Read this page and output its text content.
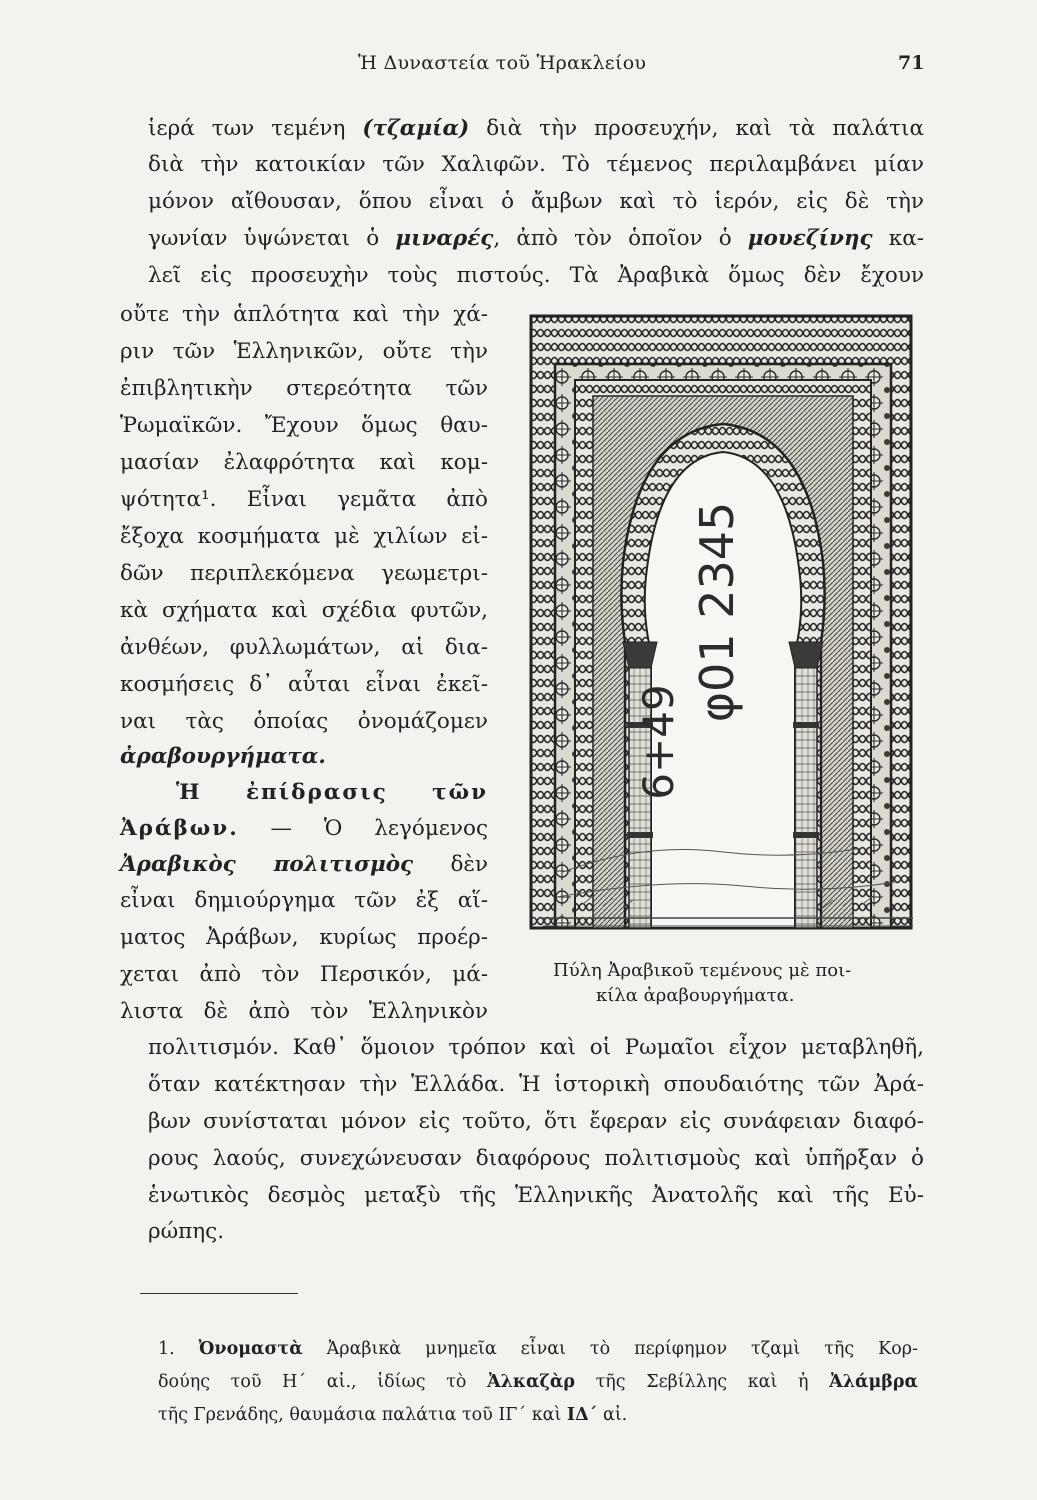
Ἡ Δυναστεία τοῦ Ἡρακλείου	71
ἱερά των τεμένη (τζαμία) διὰ τὴν προσευχήν, καὶ τὰ παλάτια
διὰ τὴν κατοικίαν τῶν Χαλιφῶν. Τὸ τέμενος περιλαμβάνει μίαν
μόνον αἴθουσαν, ὅπου εἶναι ὁ ἄμβων καὶ τὸ ἱερόν, εἰς δὲ τὴν
γωνίαν ὑψώνεται ὁ μιναρές, ἀπὸ τὸν ὁποῖον ὁ μουεζίνης κα-
λεῖ εἰς προσευχὴν τοὺς πιστούς. Τὰ Ἀραβικὰ ὅμως δὲν ἔχουν
οὔτε τὴν ἁπλότητα καὶ τὴν χά-
ριν τῶν Ἑλληνικῶν, οὔτε τὴν
ἐπιβλητικὴν στερεότητα τῶν
Ῥωμαϊκῶν. Ἔχουν ὅμως θαυ-
μασίαν ἐλαφρότητα καὶ κομ-
ψότητα¹. Εἶναι γεμᾶτα ἀπὸ
ἔξοχα κοσμήματα μὲ χιλίων εἰ-
δῶν περιπλεκόμενα γεωμετρι-
κὰ σχήματα καὶ σχέδια φυτῶν,
ἀνθέων, φυλλωμάτων, αἱ δια-
κοσμήσεις δ᾽ αὗται εἶναι ἐκεῖ-
ναι τὰς ὁποίας ὀνομάζομεν
ἀραβουργήματα.
Ἡ ἐπίδρασις τῶν
Ἀράβων. — Ὁ λεγόμενος
Ἀραβικὸς πολιτισμὸς δὲν
εἶναι δημιούργημα τῶν ἐξ αἵ-
ματος Ἀράβων, κυρίως προέρ-
χεται ἀπὸ τὸν Περσικόν, μά-
λιστα δὲ ἀπὸ τὸν Ἑλληνικὸν
πολιτισμόν. Καθ᾽ ὅμοιον τρόπον καὶ οἱ Ρωμαῖοι εἶχον μεταβληθῆ,
ὅταν κατέκτησαν τὴν Ἑλλάδα. Ἡ ἱστορικὴ σπουδαιότης τῶν Ἀρά-
βων συνίσταται μόνον εἰς τοῦτο, ὅτι ἔφεραν εἰς συνάφειαν διαφό-
ρους λαούς, συνεχώνευσαν διαφόρους πολιτισμοὺς καὶ ὑπῆρξαν ὁ
ἑνωτικὸς δεσμὸς μεταξὺ τῆς Ἑλληνικῆς Ἀνατολῆς καὶ τῆς Εὐ-
ρώπης.
φ01 2345
6+49
Πύλη Ἀραβικοῦ τεμένους μὲ ποι-
κίλα ἀραβουργήματα.
1. Ὀνομαστὰ Ἀραβικὰ μνημεῖα εἶναι τὸ περίφημον τζαμὶ τῆς Κορ-
δούης τοῦ Η´ αἰ., ἰδίως τὸ Ἀλκαζὰρ τῆς Σεβίλλης καὶ ἡ Ἀλάμβρα
τῆς Γρενάδης, θαυμάσια παλάτια τοῦ ΙΓ´ καὶ ΙΔ´ αἰ.
